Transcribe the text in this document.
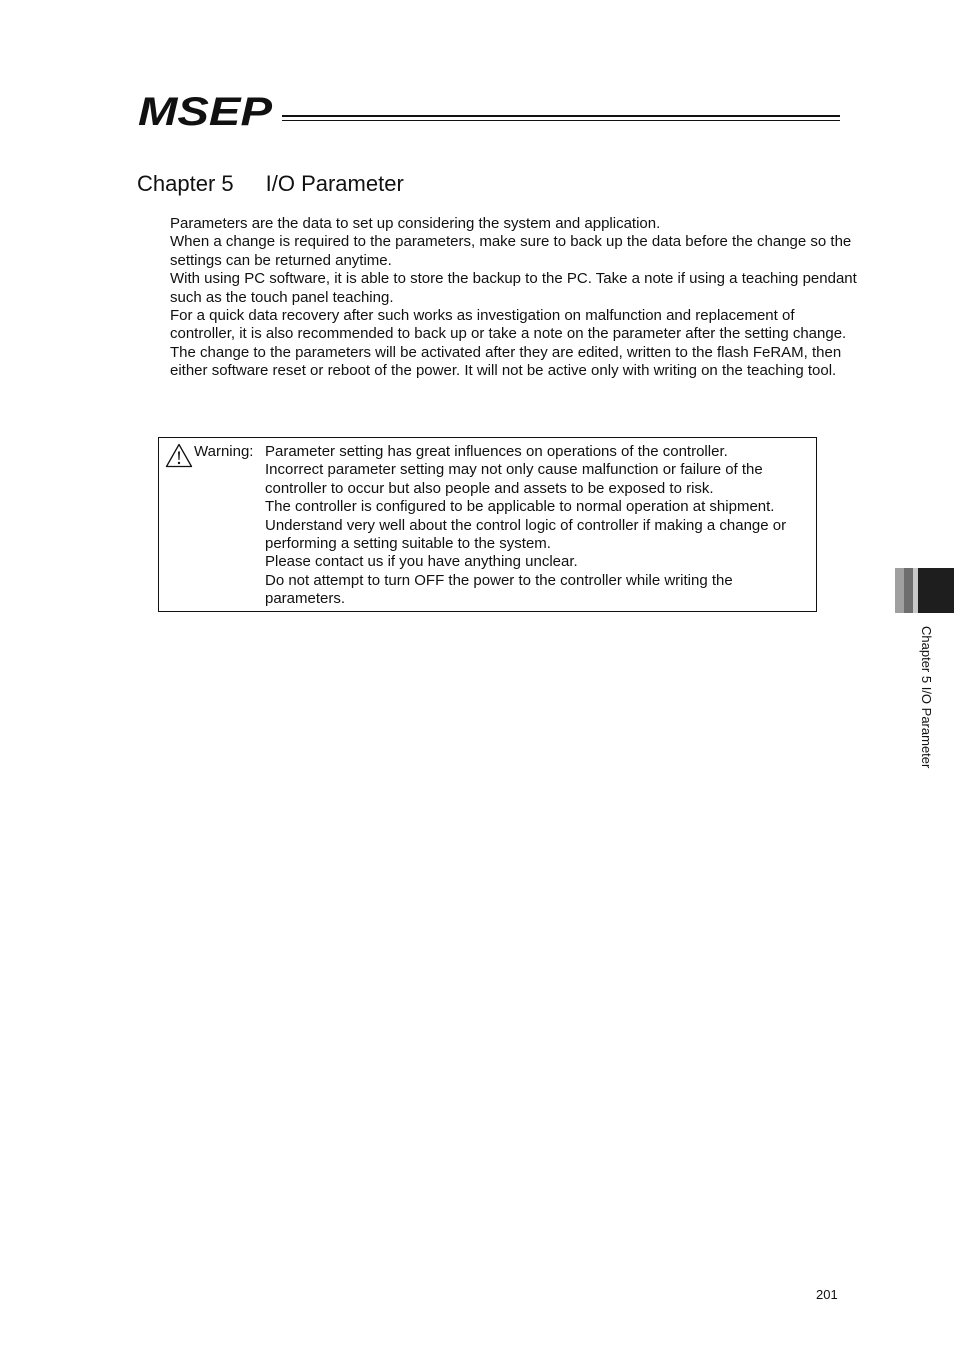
MSEP
Chapter 5 I/O Parameter

Parameters are the data to set up considering the system and application.

When a change is required to the parameters, make sure to back up the data before the change so the settings can be returned anytime.

With using PC software, it is able to store the backup to the PC. Take a note if using a teaching pendant such as the touch panel teaching.

For a quick data recovery after such works as investigation on malfunction and replacement of controller, it is also recommended to back up or take a note on the parameter after the setting change.

The change to the parameters will be activated after they are edited, written to the flash FeRAM, then either software reset or reboot of the power. It will not be active only with writing on the teaching tool.

Warning: Parameter setting has great influences on operations of the controller.

Incorrect parameter setting may not only cause malfunction or failure of the controller to occur but also people and assets to be exposed to risk.

The controller is configured to be applicable to normal operation at shipment.

Understand very well about the control logic of controller if making a change or performing a setting suitable to the system.

Please contact us if you have anything unclear.

Do not attempt to turn OFF the power to the controller while writing the parameters.

Chapter 5 I/O Parameter
201
